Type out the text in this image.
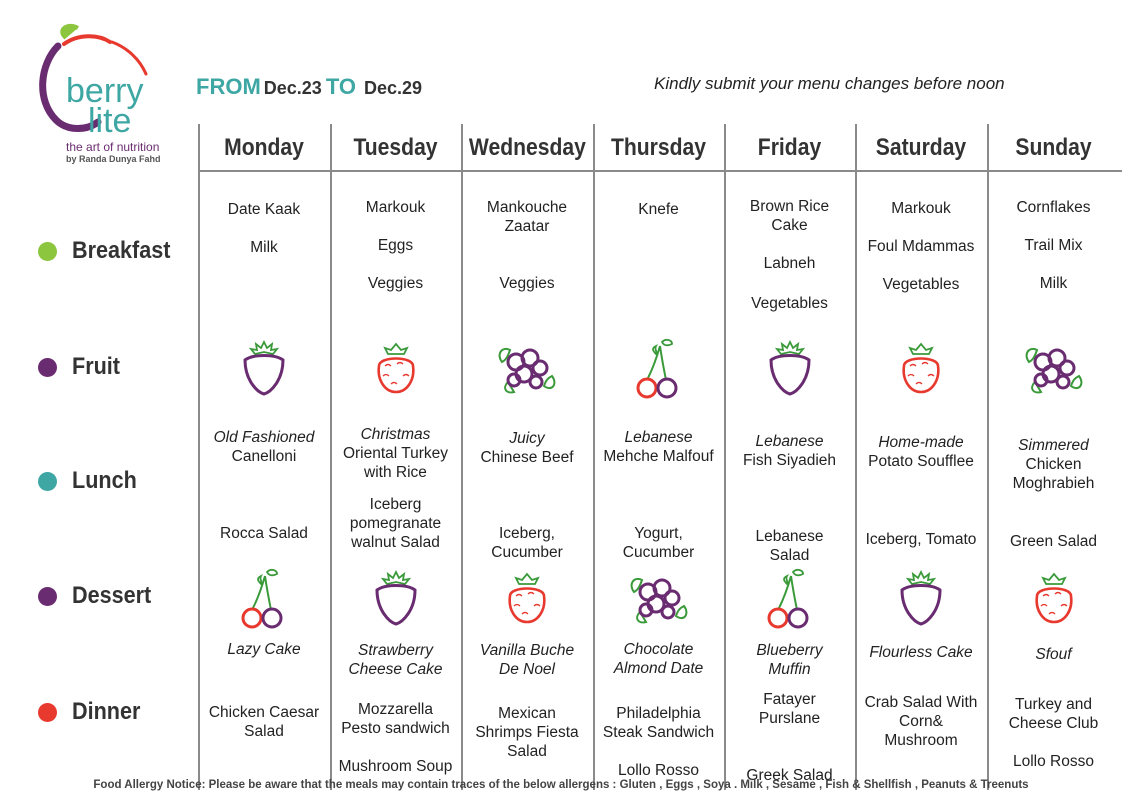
berry
lite
the art of nutrition
by Randa Dunya Fahd
FROM Dec.23 TO Dec.29	Kindly submit your menu changes before noon
Breakfast
Fruit
Lunch
Dessert
Dinner
Monday
Date Kaak
Milk
Old Fashioned
Canelloni
Rocca Salad
Lazy Cake
Chicken Caesar Salad
Tuesday
Markouk
Eggs
Veggies
Christmas
Oriental Turkey with Rice
Iceberg pomegranate walnut Salad
Strawberry Cheese Cake
Mozzarella Pesto sandwich
Mushroom Soup
Wednesday
Mankouche Zaatar
Veggies
Juicy
Chinese Beef
Iceberg, Cucumber
Vanilla Buche De Noel
Mexican Shrimps Fiesta Salad
Thursday
Knefe
Lebanese
Mehche Malfouf
Yogurt, Cucumber
Chocolate Almond Date
Philadelphia Steak Sandwich
Lollo Rosso
Friday
Brown Rice Cake
Labneh
Vegetables
Lebanese
Fish Siyadieh
Lebanese Salad
Blueberry Muffin
Fatayer Purslane
Greek Salad
Saturday
Markouk
Foul Mdammas
Vegetables
Home-made
Potato Soufflee
Iceberg, Tomato
Flourless Cake
Crab Salad With Corn& Mushroom
Sunday
Cornflakes
Trail Mix
Milk
Simmered
Chicken Moghrabieh
Green Salad
Sfouf
Turkey and Cheese Club
Lollo Rosso
Food Allergy Notice: Please be aware that the meals may contain traces of the below allergens : Gluten , Eggs , Soya . Milk , Sesame , Fish & Shellfish , Peanuts & Treenuts
